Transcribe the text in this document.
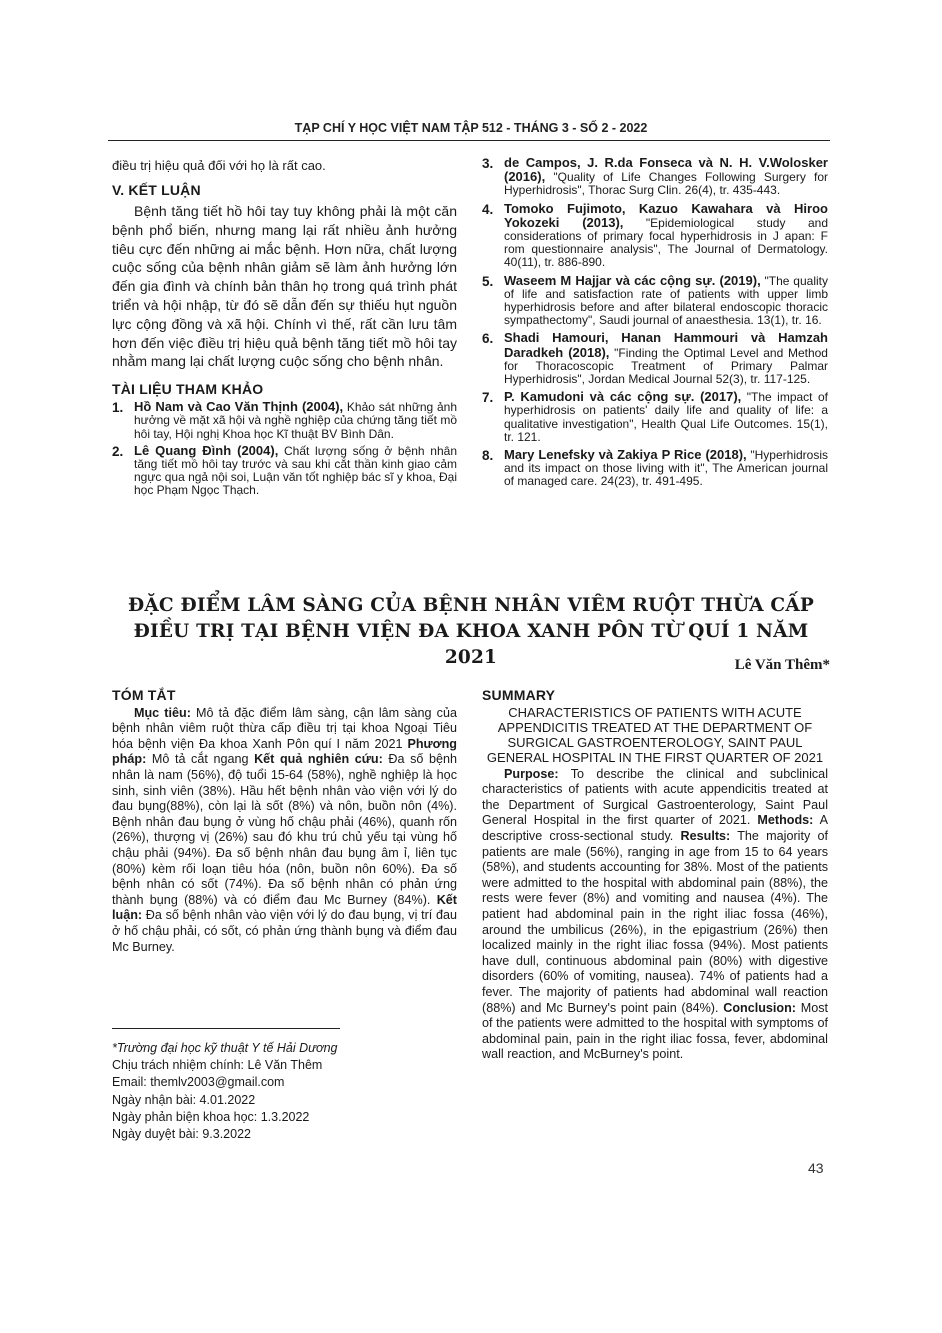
TẠP CHÍ Y HỌC VIỆT NAM TẬP 512 - THÁNG 3 - SỐ 2 - 2022

điều trị hiệu quả đối với họ là rất cao.

V. KẾT LUẬN

Bệnh tăng tiết hồ hôi tay tuy không phải là một căn bệnh phổ biến, nhưng mang lại rất nhiều ảnh hưởng tiêu cực đến những ai mắc bệnh. Hơn nữa, chất lượng cuộc sống của bệnh nhân giảm sẽ làm ảnh hưởng lớn đến gia đình và chính bản thân họ trong quá trình phát triển và hội nhập, từ đó sẽ dẫn đến sự thiếu hụt nguồn lực cộng đồng và xã hội. Chính vì thế, rất cần lưu tâm hơn đến việc điều trị hiệu quả bệnh tăng tiết mồ hôi tay nhằm mang lại chất lượng cuộc sống cho bệnh nhân.

TÀI LIỆU THAM KHẢO
1. Hồ Nam và Cao Văn Thịnh (2004), Khảo sát những ảnh hưởng về mặt xã hội và nghề nghiệp của chứng tăng tiết mồ hôi tay, Hội nghị Khoa học Kĩ thuật BV Bình Dân.
2. Lê Quang Đình (2004), Chất lượng sống ở bệnh nhân tăng tiết mồ hôi tay trước và sau khi cắt thần kinh giao cảm ngực qua ngả nội soi, Luận văn tốt nghiệp bác sĩ y khoa, Đại học Phạm Ngọc Thạch.
3. de Campos, J. R.da Fonseca và N. H. V.Wolosker (2016), "Quality of Life Changes Following Surgery for Hyperhidrosis", Thorac Surg Clin. 26(4), tr. 435-443.
4. Tomoko Fujimoto, Kazuo Kawahara và Hiroo Yokozeki (2013), "Epidemiological study and considerations of primary focal hyperhidrosis in J apan: F rom questionnaire analysis", The Journal of Dermatology. 40(11), tr. 886-890.
5. Waseem M Hajjar và các cộng sự. (2019), "The quality of life and satisfaction rate of patients with upper limb hyperhidrosis before and after bilateral endoscopic thoracic sympathectomy", Saudi journal of anaesthesia. 13(1), tr. 16.
6. Shadi Hamouri, Hanan Hammouri và Hamzah Daradkeh (2018), "Finding the Optimal Level and Method for Thoracoscopic Treatment of Primary Palmar Hyperhidrosis", Jordan Medical Journal 52(3), tr. 117-125.
7. P. Kamudoni và các cộng sự. (2017), "The impact of hyperhidrosis on patients' daily life and quality of life: a qualitative investigation", Health Qual Life Outcomes. 15(1), tr. 121.
8. Mary Lenefsky và Zakiya P Rice (2018), "Hyperhidrosis and its impact on those living with it", The American journal of managed care. 24(23), tr. 491-495.
ĐẶC ĐIỂM LÂM SÀNG CỦA BỆNH NHÂN VIÊM RUỘT THỪA CẤP
ĐIỀU TRỊ TẠI BỆNH VIỆN ĐA KHOA XANH PÔN TỪ QUÍ 1 NĂM 2021	Lê Văn Thêm*
TÓM TẮT

Mục tiêu: Mô tả đặc điểm lâm sàng, cận lâm sàng của bệnh nhân viêm ruột thừa cấp điều trị tại khoa Ngoại Tiêu hóa bệnh viện Đa khoa Xanh Pôn quí I năm 2021 Phương pháp: Mô tả cắt ngang Kết quả nghiên cứu: Đa số bệnh nhân là nam (56%), độ tuổi 15-64 (58%), nghề nghiệp là học sinh, sinh viên (38%). Hầu hết bệnh nhân vào viện với lý do đau bụng(88%), còn lại là sốt (8%) và nôn, buồn nôn (4%). Bệnh nhân đau bụng ở vùng hố chậu phải (46%), quanh rốn (26%), thượng vị (26%) sau đó khu trú chủ yếu tại vùng hố chậu phải (94%). Đa số bệnh nhân đau bụng âm ỉ, liên tục (80%) kèm rối loạn tiêu hóa (nôn, buồn nôn 60%). Đa số bệnh nhân có sốt (74%). Đa số bệnh nhân có phản ứng thành bụng (88%) và có điểm đau Mc Burney (84%). Kết luận: Đa số bệnh nhân vào viện với lý do đau bụng, vị trí đau ở hố chậu phải, có sốt, có phản ứng thành bụng và điểm đau Mc Burney.

SUMMARY

CHARACTERISTICS OF PATIENTS WITH ACUTE APPENDICITIS TREATED AT THE DEPARTMENT OF SURGICAL GASTROENTEROLOGY, SAINT PAUL GENERAL HOSPITAL IN THE FIRST QUARTER OF 2021

Purpose: To describe the clinical and subclinical characteristics of patients with acute appendicitis treated at the Department of Surgical Gastroenterology, Saint Paul General Hospital in the first quarter of 2021. Methods: A descriptive cross-sectional study. Results: The majority of patients are male (56%), ranging in age from 15 to 64 years (58%), and students accounting for 38%. Most of the patients were admitted to the hospital with abdominal pain (88%), the rests were fever (8%) and vomiting and nausea (4%). The patient had abdominal pain in the right iliac fossa (46%), around the umbilicus (26%), in the epigastrium (26%) then localized mainly in the right iliac fossa (94%). Most patients have dull, continuous abdominal pain (80%) with digestive disorders (60% of vomiting, nausea). 74% of patients had a fever. The majority of patients had abdominal wall reaction (88%) and Mc Burney's point pain (84%). Conclusion: Most of the patients were admitted to the hospital with symptoms of abdominal pain, pain in the right iliac fossa, fever, abdominal wall reaction, and McBurney's point.

*Trường đại học kỹ thuật Y tế Hải Dương
Chịu trách nhiệm chính: Lê Văn Thêm
Email: themlv2003@gmail.com
Ngày nhận bài: 4.01.2022
Ngày phản biện khoa học: 1.3.2022
Ngày duyệt bài: 9.3.2022
43
